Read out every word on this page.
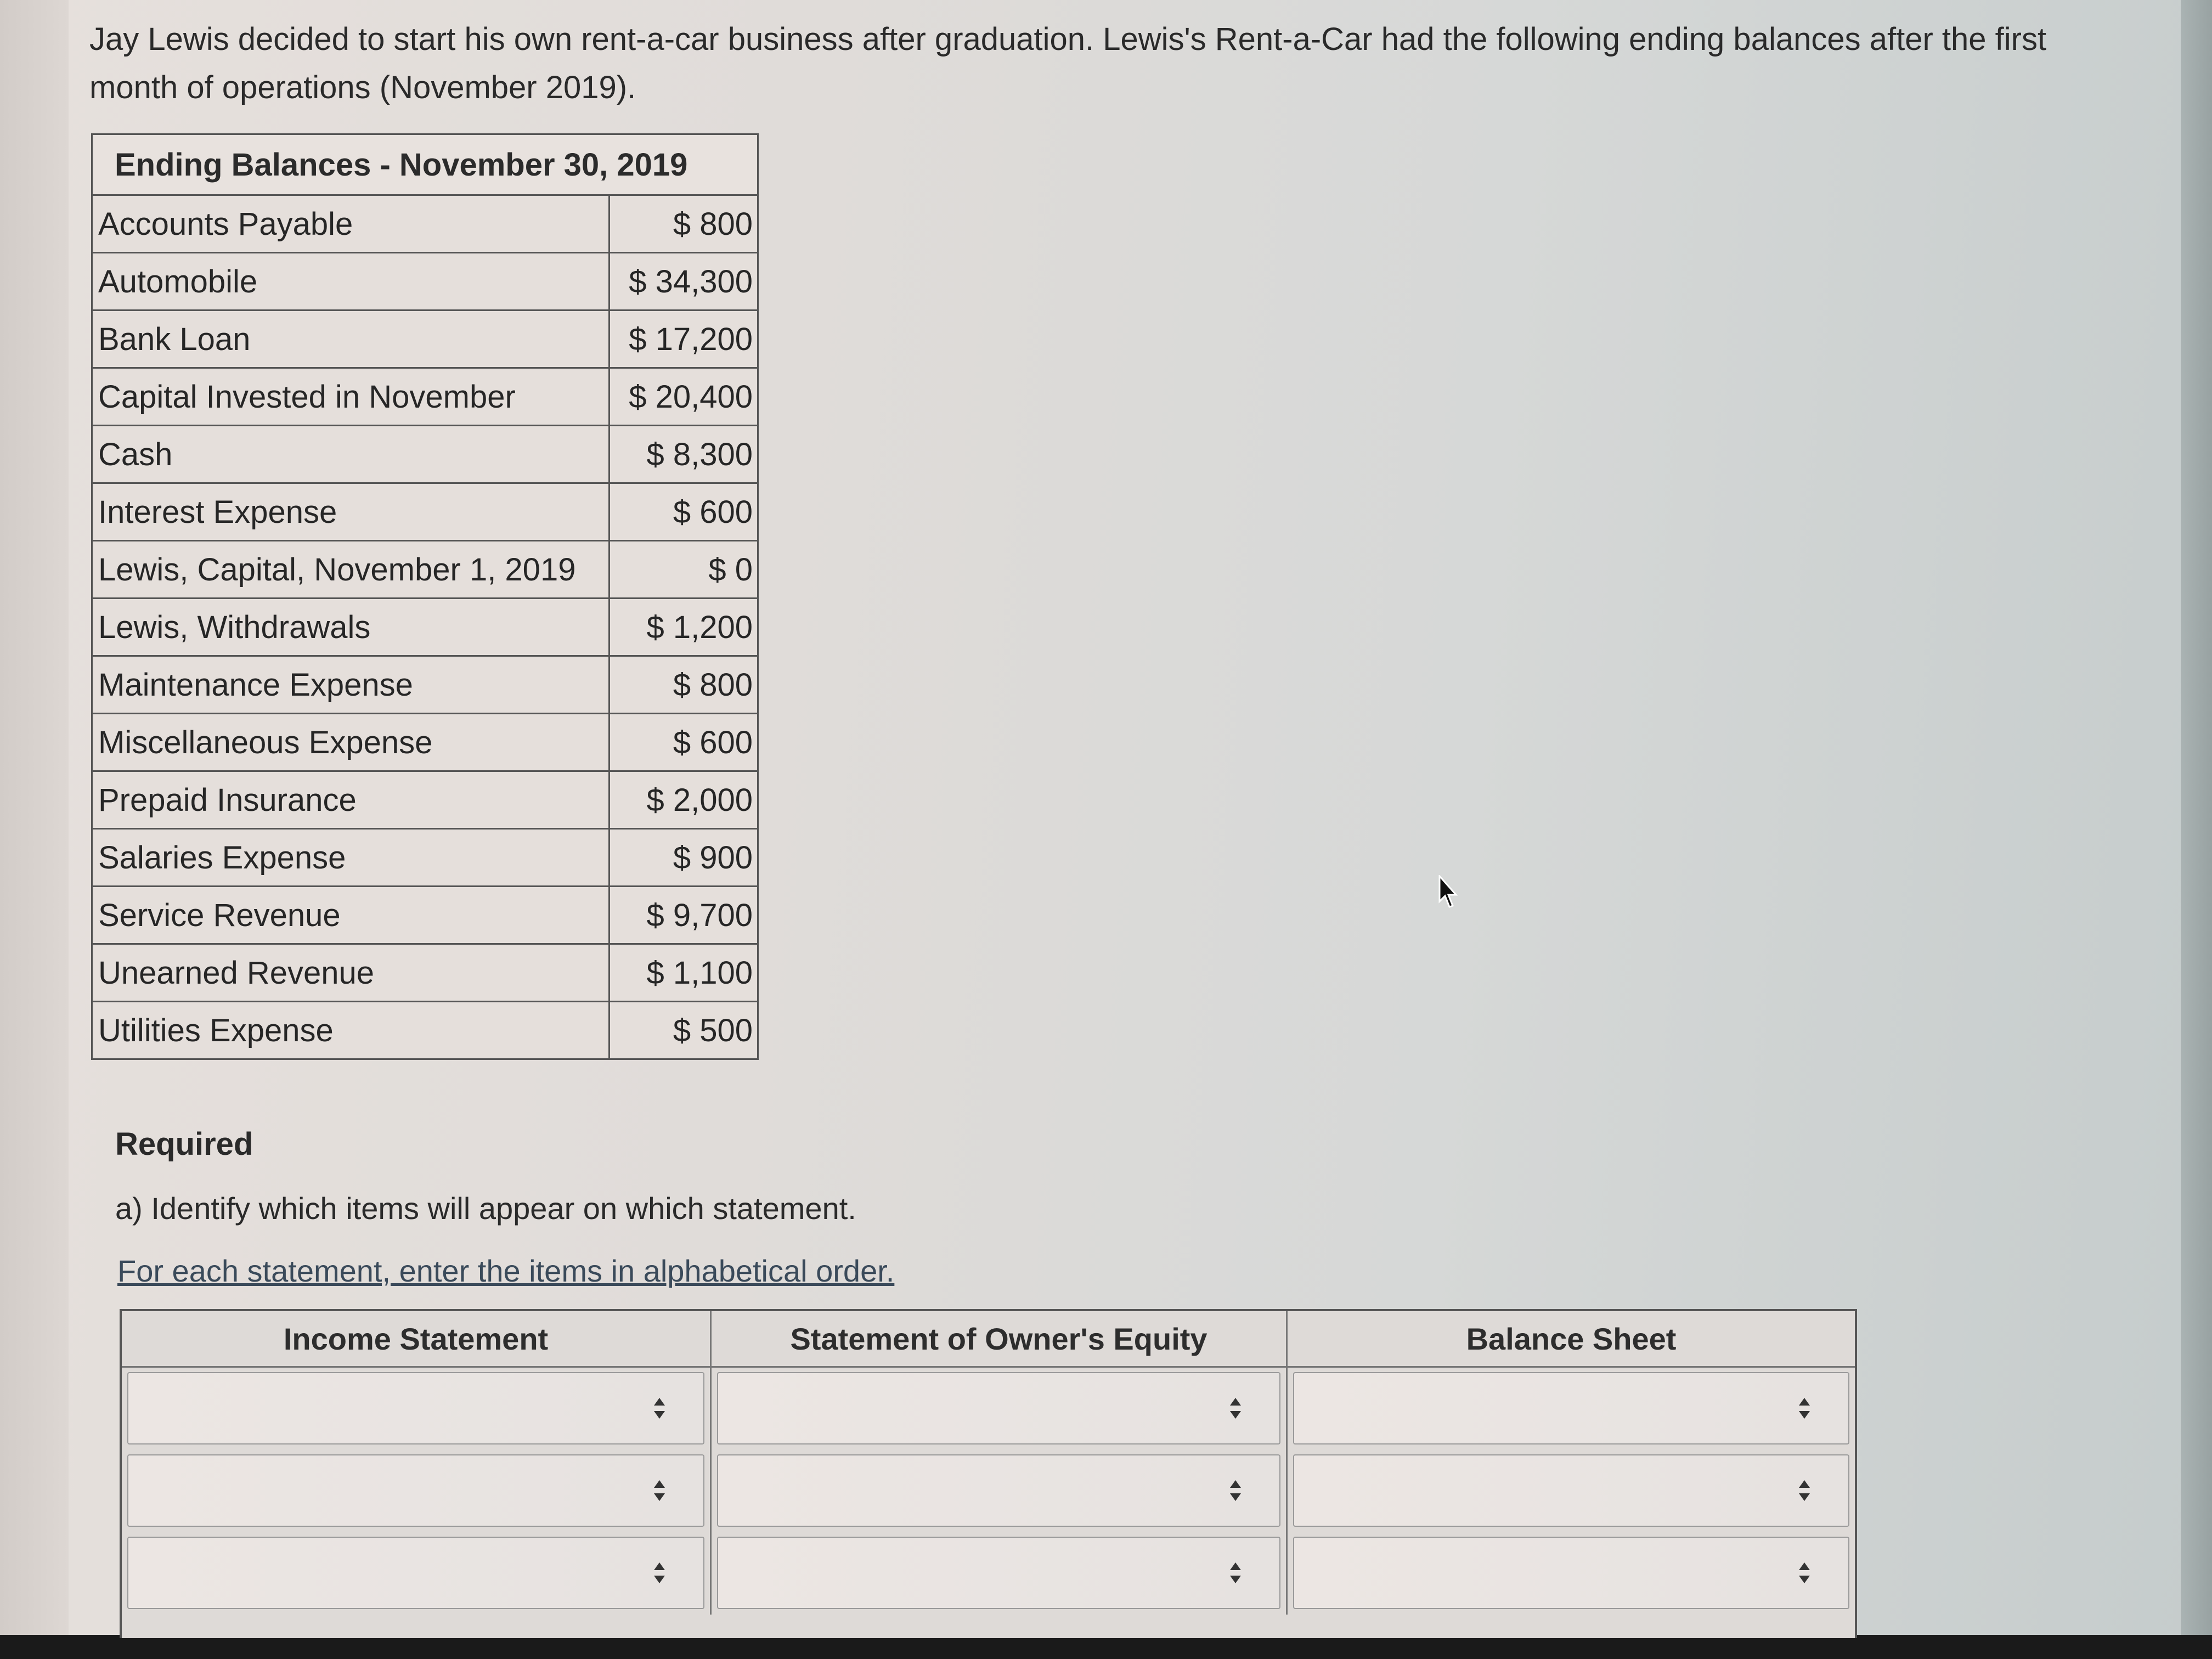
Jay Lewis decided to start his own rent-a-car business after graduation. Lewis's Rent-a-Car had the following ending balances after the first month of operations (November 2019).

Ending Balances - November 30, 2019	
Accounts Payable	$ 800
Automobile	$ 34,300
Bank Loan	$ 17,200
Capital Invested in November	$ 20,400
Cash	$ 8,300
Interest Expense	$ 600
Lewis, Capital, November 1, 2019	$ 0
Lewis, Withdrawals	$ 1,200
Maintenance Expense	$ 800
Miscellaneous Expense	$ 600
Prepaid Insurance	$ 2,000
Salaries Expense	$ 900
Service Revenue	$ 9,700
Unearned Revenue	$ 1,100
Utilities Expense	$ 500
Required
a) Identify which items will appear on which statement.
For each statement, enter the items in alphabetical order.
Income Statement	Statement of Owner's Equity	Balance Sheet
